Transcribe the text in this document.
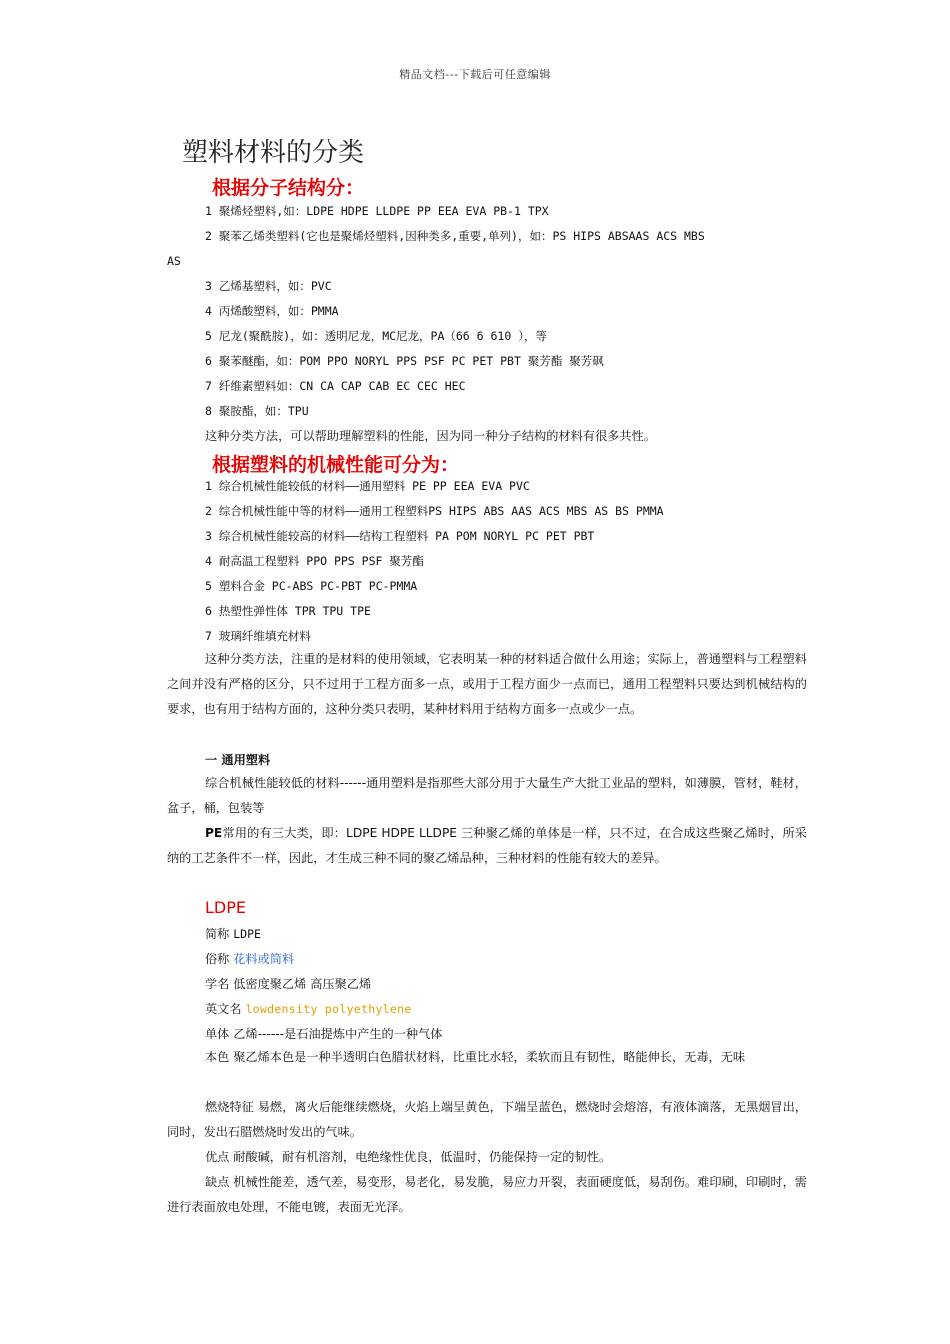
精品文档---下载后可任意编辑
塑料材料的分类
根据分子结构分：
1 聚烯烃塑料,如：LDPE HDPE LLDPE PP EEA EVA PB-1 TPX
2 聚苯乙烯类塑料(它也是聚烯烃塑料,因种类多,重要,单列)，如：PS HIPS ABSAAS ACS MBS
AS
3 乙烯基塑料，如：PVC
4 丙烯酸塑料，如：PMMA
5 尼龙(聚酰胺)，如：透明尼龙，MC尼龙，PA（66 6 610 ），等
6 聚苯醚酯，如：POM PPO NORYL PPS PSF PC PET PBT 聚芳酯 聚芳砜
7 纤维素塑料如：CN CA CAP CAB EC CEC HEC
8 聚胺酯，如：TPU
这种分类方法，可以帮助理解塑料的性能，因为同一种分子结构的材料有很多共性。
根据塑料的机械性能可分为：
1 综合机械性能较低的材料——通用塑料 PE PP EEA EVA PVC
2 综合机械性能中等的材料——通用工程塑料PS HIPS ABS AAS ACS MBS AS BS PMMA
3 综合机械性能较高的材料——结构工程塑料 PA POM NORYL PC PET PBT
4 耐高温工程塑料 PPO PPS PSF 聚芳酯
5 塑料合金 PC-ABS PC-PBT PC-PMMA
6 热塑性弹性体 TPR TPU TPE
7 玻璃纤维填充材料
这种分类方法，注重的是材料的使用领域，它表明某一种的材料适合做什么用途；实际上，普通塑料与工程塑料之间并没有严格的区分，只不过用于工程方面多一点，或用于工程方面少一点而已，通用工程塑料只要达到机械结构的要求，也有用于结构方面的，这种分类只表明，某种材料用于结构方面多一点或少一点。
一 通用塑料
综合机械性能较低的材料------通用塑料是指那些大部分用于大量生产大批工业品的塑料，如薄膜，管材，鞋材，盆子，桶，包装等
PE常用的有三大类，即：LDPE HDPE LLDPE 三种聚乙烯的单体是一样，只不过，在合成这些聚乙烯时，所采纳的工艺条件不一样，因此，才生成三种不同的聚乙烯品种，三种材料的性能有较大的差异。
LDPE
简称 LDPE
俗称 花料或筒料
学名 低密度聚乙烯 高压聚乙烯
英文名 lowdensity polyethylene
单体 乙烯------是石油提炼中产生的一种气体
本色 聚乙烯本色是一种半透明白色腊状材料，比重比水轻，柔软而且有韧性，略能伸长，无毒，无味
燃烧特征 易燃，离火后能继续燃烧，火焰上端呈黄色，下端呈蓝色，燃烧时会熔溶，有液体滴落，无黑烟冒出，同时，发出石腊燃烧时发出的气味。
优点 耐酸碱，耐有机溶剂，电绝缘性优良，低温时，仍能保持一定的韧性。
缺点 机械性能差，透气差，易变形，易老化，易发脆，易应力开裂，表面硬度低，易刮伤。难印刷，印刷时，需进行表面放电处理，不能电镀，表面无光泽。
